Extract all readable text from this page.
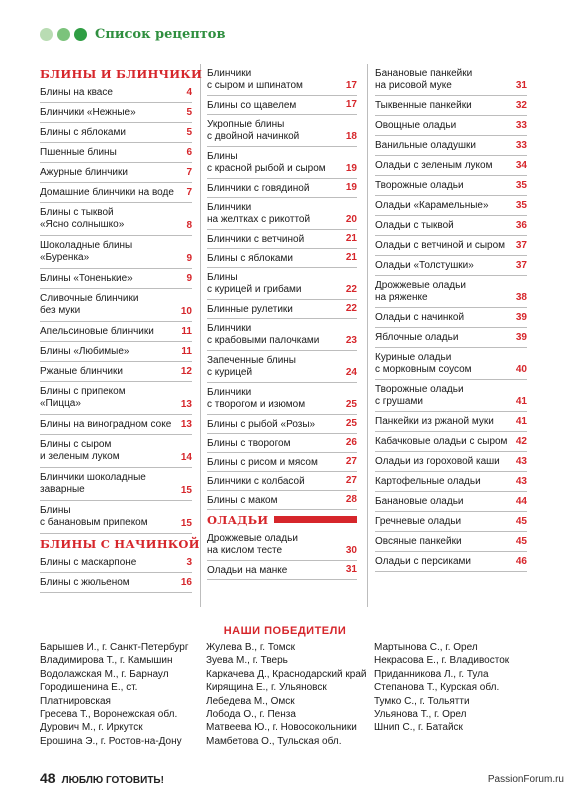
Список рецептов
БЛИНЫ И БЛИНЧИКИ
Блины на квасе	4
Блинчики «Нежные»	5
Блины с яблоками	5
Пшенные блины	6
Ажурные блинчики	7
Домашние блинчики на воде 7
Блины с тыквой
«Ясно солнышко»	8
Шоколадные блины
«Буренка»	9
Блины «Тоненькие»	9
Сливочные блинчики
без муки	10
Апельсиновые блинчики	11
Блины «Любимые»	11
Ржаные блинчики	12
Блины с припеком
«Пицца»	13
Блины на виноградном соке 13
Блины с сыром
и зеленым луком	14
Блинчики шоколадные
заварные	15
Блины
с банановым припеком	15
БЛИНЫ С НАЧИНКОЙ
Блины с маскарпоне	3
Блины с жюльеном	16
Блинчики
с сыром и шпинатом	17
Блины со щавелем	17
Укропные блины
с двойной начинкой	18
Блины
с красной рыбой и сыром	19
Блинчики с говядиной	19
Блинчики
на желтках с рикоттой	20
Блинчики с ветчиной	21
Блины с яблоками	21
Блины
с курицей и грибами	22
Блинные рулетики	22
Блинчики
с крабовыми палочками	23
Запеченные блины
с курицей	24
Блинчики
с творогом и изюмом	25
Блины с рыбой «Розы»	25
Блины с творогом	26
Блины с рисом и мясом	27
Блинчики с колбасой	27
Блины с маком	28
ОЛАДЬИ
Дрожжевые оладьи
на кислом тесте	30
Оладьи на манке	31
Банановые панкейки
на рисовой муке	31
Тыквенные панкейки	32
Овощные оладьи	33
Ванильные оладушки	33
Оладьи с зеленым луком	34
Творожные оладьи	35
Оладьи «Карамельные»	35
Оладьи с тыквой	36
Оладьи с ветчиной и сыром	37
Оладьи «Толстушки»	37
Дрожжевые оладьи
на ряженке	38
Оладьи с начинкой	39
Яблочные оладьи	39
Куриные оладьи
с морковным соусом	40
Творожные оладьи
с грушами	41
Панкейки из ржаной муки	41
Кабачковые оладьи с сыром 42
Оладьи из гороховой каши	43
Картофельные оладьи	43
Банановые оладьи	44
Гречневые оладьи	45
Овсяные панкейки	45
Оладьи с персиками	46
НАШИ ПОБЕДИТЕЛИ
Барышев И., г. Санкт-Петербург
Владимирова Т., г. Камышин
Водолажская М., г. Барнаул
Городишенина Е., ст. Платнировская
Гресева Т., Воронежская обл.
Дурович М., г. Иркутск
Ерошина Э., г. Ростов-на-Дону
Жулева В., г. Томск
Зуева М., г. Тверь
Каркачева Д., Краснодарский край
Кирящина Е., г. Ульяновск
Лебедева М., Омск
Лобода О., г. Пенза
Матвеева Ю., г. Новосокольники
Мамбетова О., Тульская обл.
Мартынова С., г. Орел
Некрасова Е., г. Владивосток
Приданникова Л., г. Тула
Степанова Т., Курская обл.
Тумко С., г. Тольятти
Ульянова Т., г. Орел
Шнип С., г. Батайск
48 ЛЮБЛЮ ГОТОВИТЬ!	PassionForum.ru
